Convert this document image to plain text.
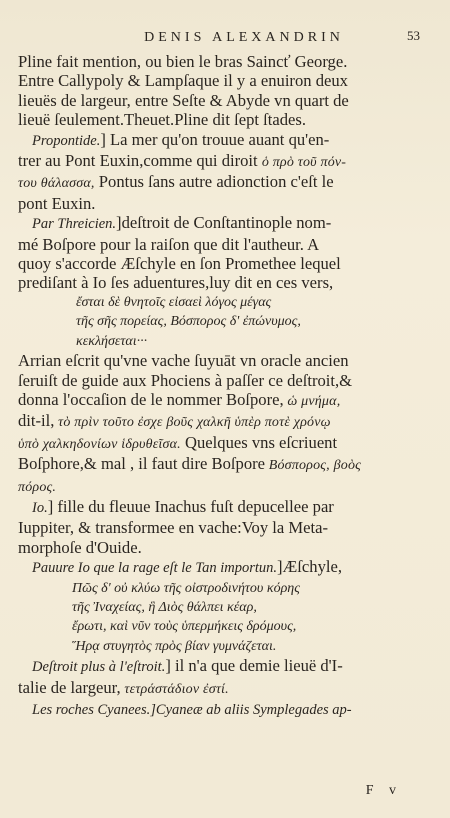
DENIS ALEXANDRIN	53

Pline fait mention, ou bien le bras Saincť George.
Entre Callypoly & Lampſaque il y a enuiron deux
lieuës de largeur, entre Seſte & Abyde vn quart de
lieuë ſeulement.Theuet.Pline dit ſept ſtades.

Propontide.] La mer qu'on trouue auant qu'en-
trer au Pont Euxin,comme qui diroit ὁ πρὸ τοῦ πόν-
του θάλασσα, Pontus ſans autre adionction c'eſt le
pont Euxin.

Par Threicien.]deſtroit de Conſtantinople nom-
mé Boſpore pour la raiſon que dit l'autheur. A
quoy s'accorde Æſchyle en ſon Promethee lequel
prediſant à Io ſes aduentures,luy dit en ces vers,
ἔσται δὲ θνητοῖς εἰσαεὶ λόγος μέγας
τῆς σῆς πορείας, Βόσπορος δ' ἐπώνυμος,
κεκλήσεται···

Arrian eſcrit qu'vne vache ſuyuāt vn oracle ancien
ſeruiſt de guide aux Phociens à paſſer ce deſtroit,&
donna l'occaſion de le nommer Boſpore, ὡ μνήμα,
dit-il, τὸ πρὶν τοῦτο ἐσχε βοῦς χαλκῆ ὑπὲρ ποτὲ χρόνῳ
ὑπὸ χαλκηδονίων ἱδρυθεῖσα. Quelques vns eſcriuent
Boſphore,& mal , il faut dire Boſpore Βόσπορος, βοὸς
πόρος.

Io.] fille du fleuue Inachus fuſt depucellee par
Iuppiter, & transformee en vache:Voy la Meta-
morphoſe d'Ouide.

Pauure Io que la rage eſt le Tan importun.]Æſchyle,
Πῶς δ' οὐ κλύω τῆς οἰστροδινήτου κόρης
τῆς Ἰναχείας, ἣ Διὸς θάλπει κέαρ,
ἔρωτι, καὶ νῦν τοὺς ὑπερμήκεις δρόμους,
Ἥρᾳ στυγητὸς πρὸς βίαν γυμνάζεται.

Deſtroit plus à l'eſtroit.] il n'a que demie lieuë d'I-
talie de largeur, τετράστάδιον ἐστί.

Les roches Cyanees.]Cyaneæ ab aliis Symplegades ap-

F v
